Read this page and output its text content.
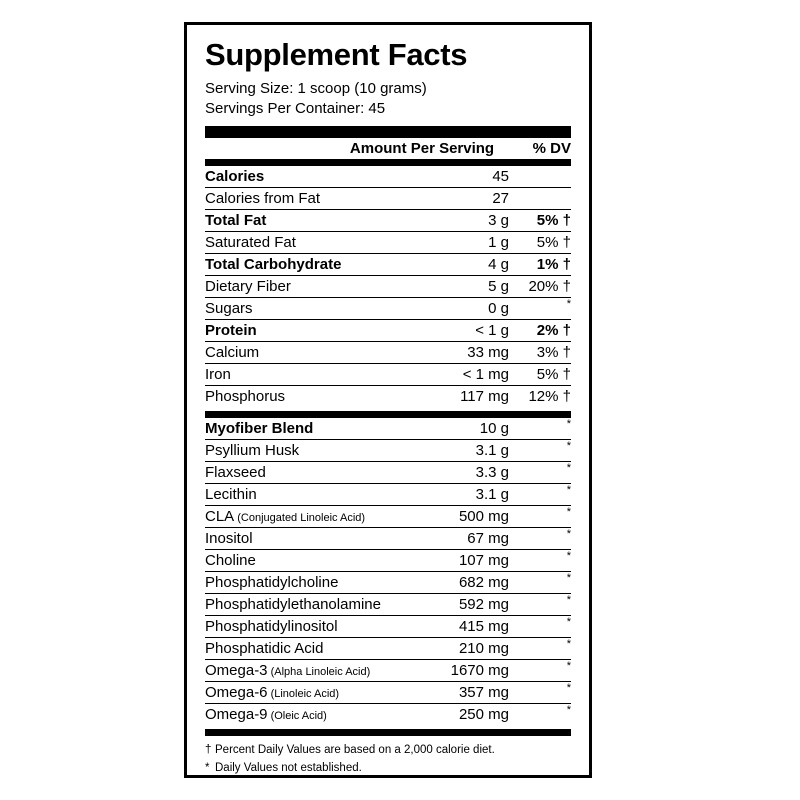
Supplement Facts
Serving Size: 1 scoop (10 grams)
Servings Per Container: 45
	Amount Per Serving	% DV
Calories	45	
Calories from Fat	27	
Total Fat	3 g	5% †
Saturated Fat	1 g	5% †
Total Carbohydrate	4 g	1% †
Dietary Fiber	5 g	20% †
Sugars	0 g	*
Protein	< 1 g	2% †
Calcium	33 mg	3% †
Iron	< 1 mg	5% †
Phosphorus	117 mg	12% †
Myofiber Blend	10 g	*
Psyllium Husk	3.1 g	*
Flaxseed	3.3 g	*
Lecithin	3.1 g	*
CLA (Conjugated Linoleic Acid)	500 mg	*
Inositol	67 mg	*
Choline	107 mg	*
Phosphatidylcholine	682 mg	*
Phosphatidylethanolamine	592 mg	*
Phosphatidylinositol	415 mg	*
Phosphatidic Acid	210 mg	*
Omega-3 (Alpha Linoleic Acid)	1670 mg	*
Omega-6 (Linoleic Acid)	357 mg	*
Omega-9 (Oleic Acid)	250 mg	*
† Percent Daily Values are based on a 2,000 calorie diet.
* Daily Values not established.
